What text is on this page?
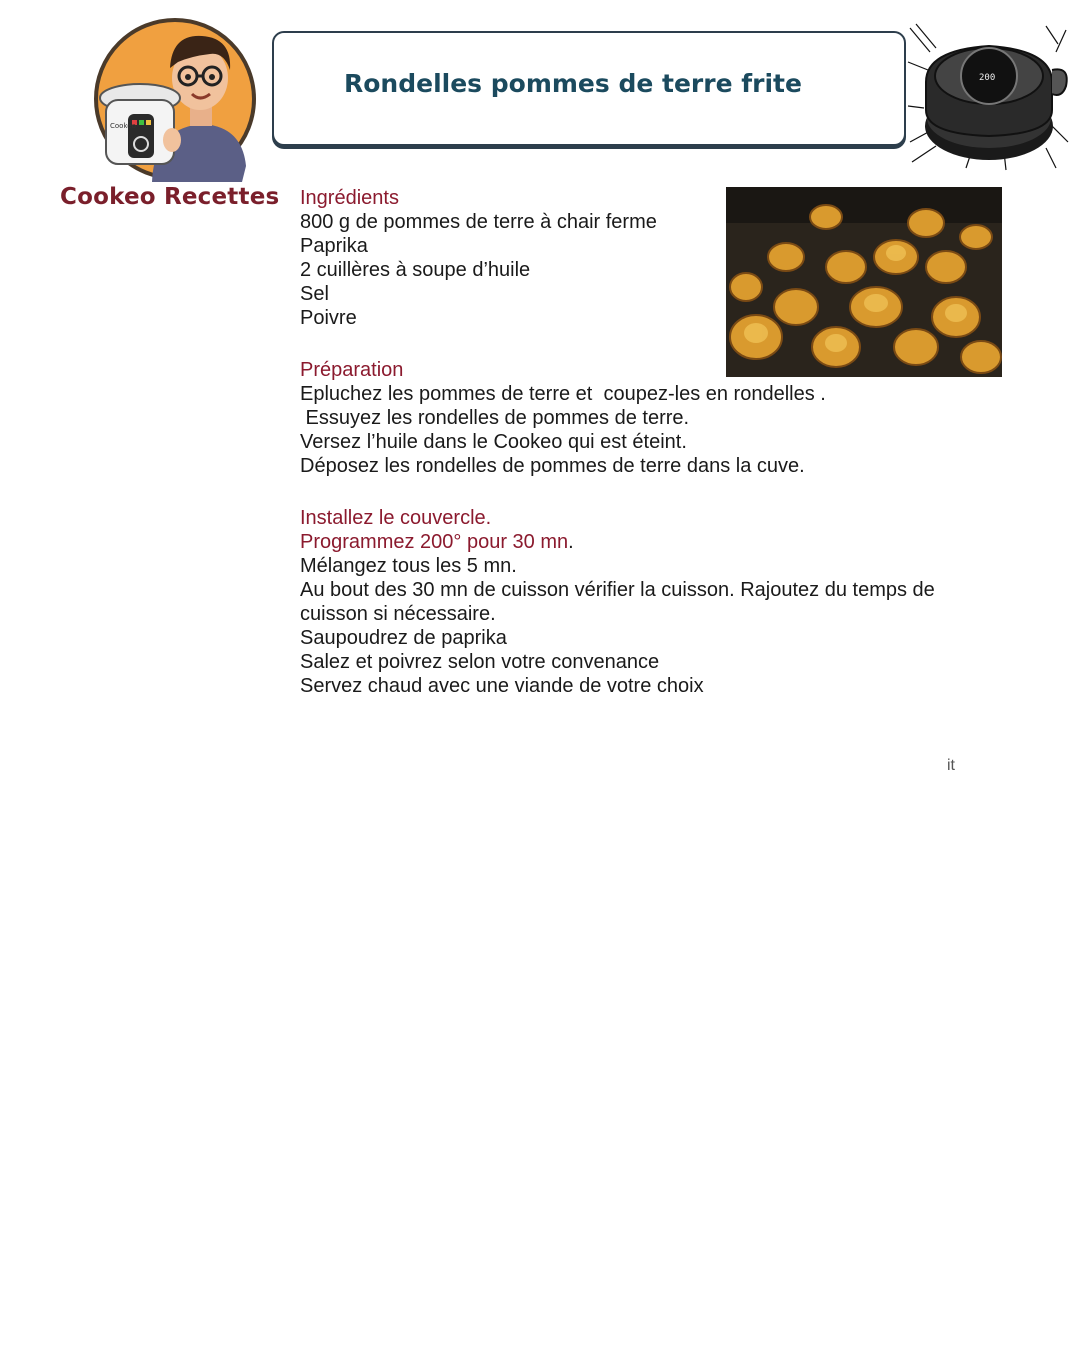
Cookeo
Cookeo Recettes
Rondelles pommes de terre frite	200
Ingrédients
800 g de pommes de terre à chair ferme
Paprika
2 cuillères à soupe d’huile
Sel
Poivre
Préparation
Epluchez les pommes de terre et  coupez-les en rondelles .
Essuyez les rondelles de pommes de terre.
Versez l’huile dans le Cookeo qui est éteint.
Déposez les rondelles de pommes de terre dans la cuve.
Installez le couvercle.
Programmez 200° pour 30 mn.
Mélangez tous les 5 mn.
Au bout des 30 mn de cuisson vérifier la cuisson. Rajoutez du temps de cuisson si nécessaire.
Saupoudrez de paprika
Salez et poivrez selon votre convenance
Servez chaud avec une viande de votre choix
it
